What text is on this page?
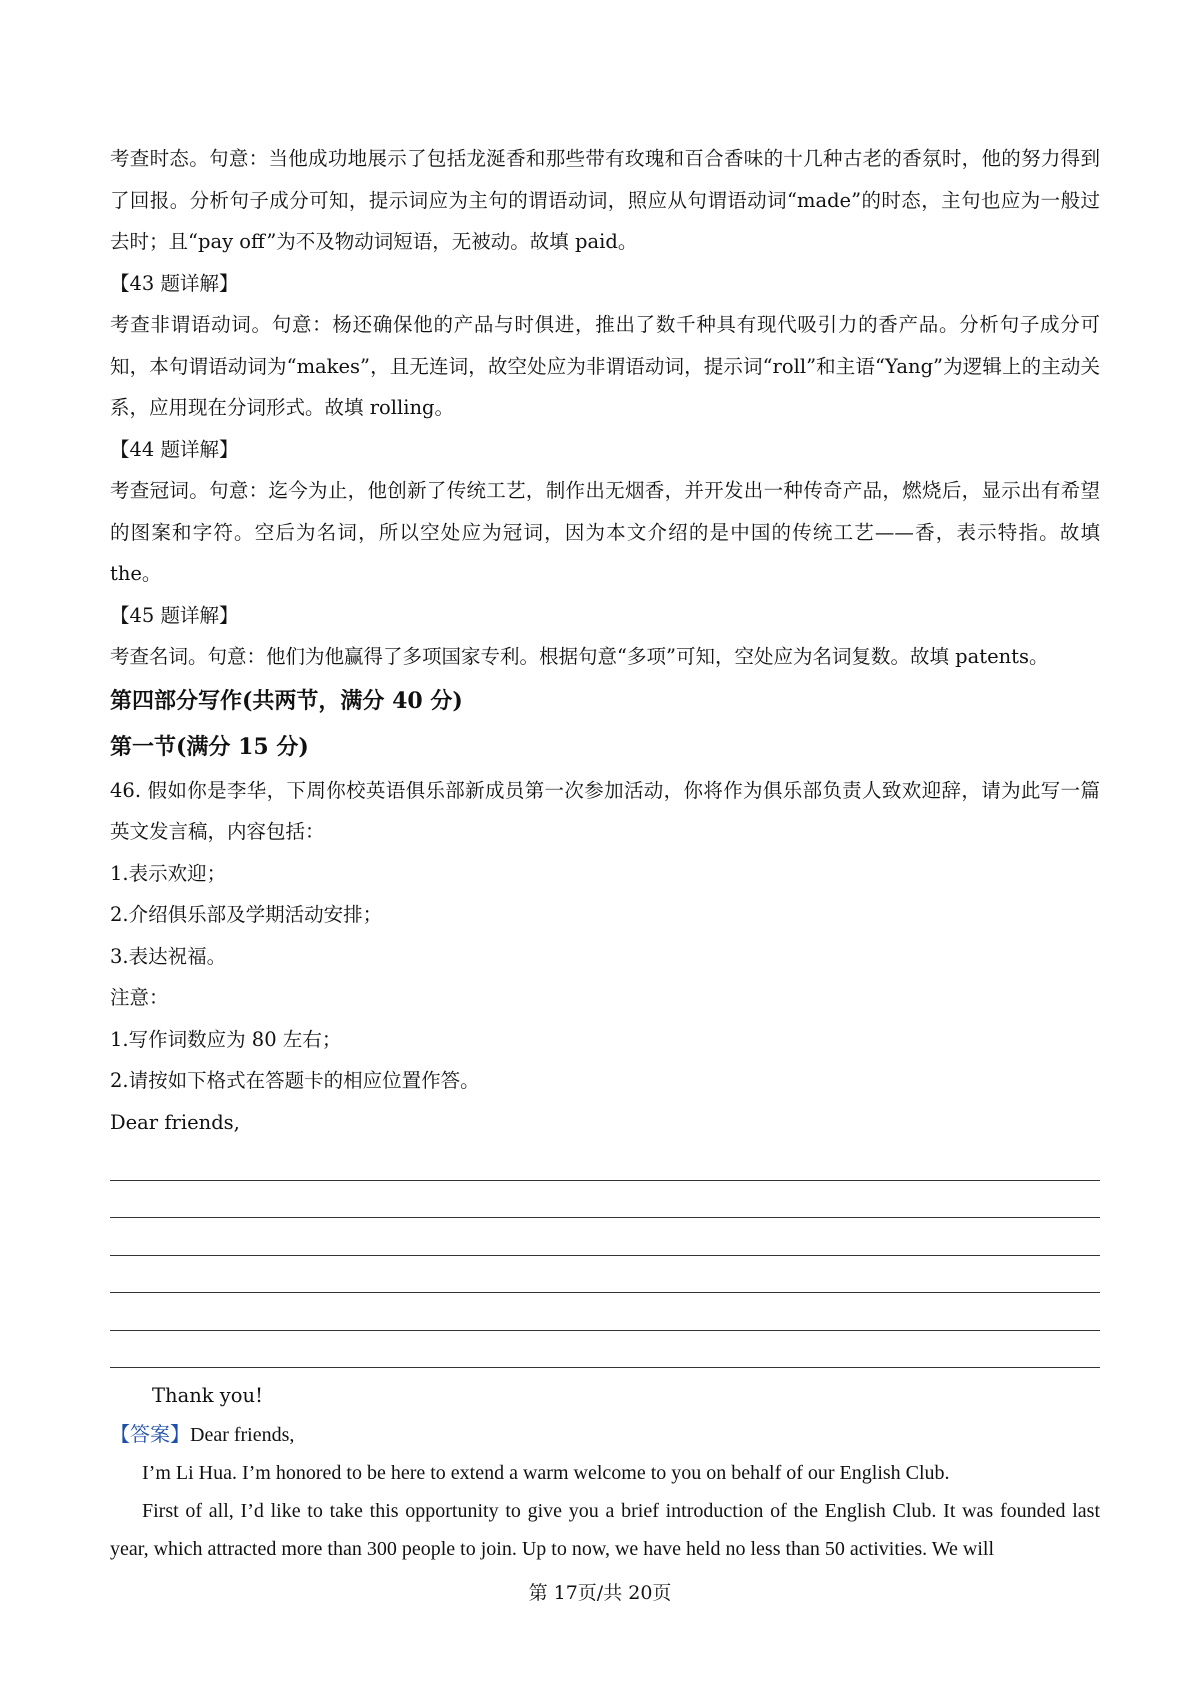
考查时态。句意：当他成功地展示了包括龙涎香和那些带有玫瑰和百合香味的十几种古老的香氛时，他的努力得到了回报。分析句子成分可知，提示词应为主句的谓语动词，照应从句谓语动词“made”的时态，主句也应为一般过去时；且“pay off”为不及物动词短语，无被动。故填 paid。

【43 题详解】

考查非谓语动词。句意：杨还确保他的产品与时俱进，推出了数千种具有现代吸引力的香产品。分析句子成分可知，本句谓语动词为“makes”，且无连词，故空处应为非谓语动词，提示词“roll”和主语“Yang”为逻辑上的主动关系，应用现在分词形式。故填 rolling。

【44 题详解】

考查冠词。句意：迄今为止，他创新了传统工艺，制作出无烟香，并开发出一种传奇产品，燃烧后，显示出有希望的图案和字符。空后为名词，所以空处应为冠词，因为本文介绍的是中国的传统工艺——香，表示特指。故填 the。

【45 题详解】

考查名词。句意：他们为他赢得了多项国家专利。根据句意“多项”可知，空处应为名词复数。故填 patents。

第四部分写作(共两节，满分 40 分)

第一节(满分 15 分)

46. 假如你是李华，下周你校英语俱乐部新成员第一次参加活动，你将作为俱乐部负责人致欢迎辞，请为此写一篇英文发言稿，内容包括：

1.表示欢迎；

2.介绍俱乐部及学期活动安排；

3.表达祝福。

注意：

1.写作词数应为 80 左右；

2.请按如下格式在答题卡的相应位置作答。

Dear friends,

Thank you!

【答案】Dear friends,

I’m Li Hua. I’m honored to be here to extend a warm welcome to you on behalf of our English Club.

First of all, I’d like to take this opportunity to give you a brief introduction of the English Club. It was founded last year, which attracted more than 300 people to join. Up to now, we have held no less than 50 activities. We will

第 17页/共 20页
